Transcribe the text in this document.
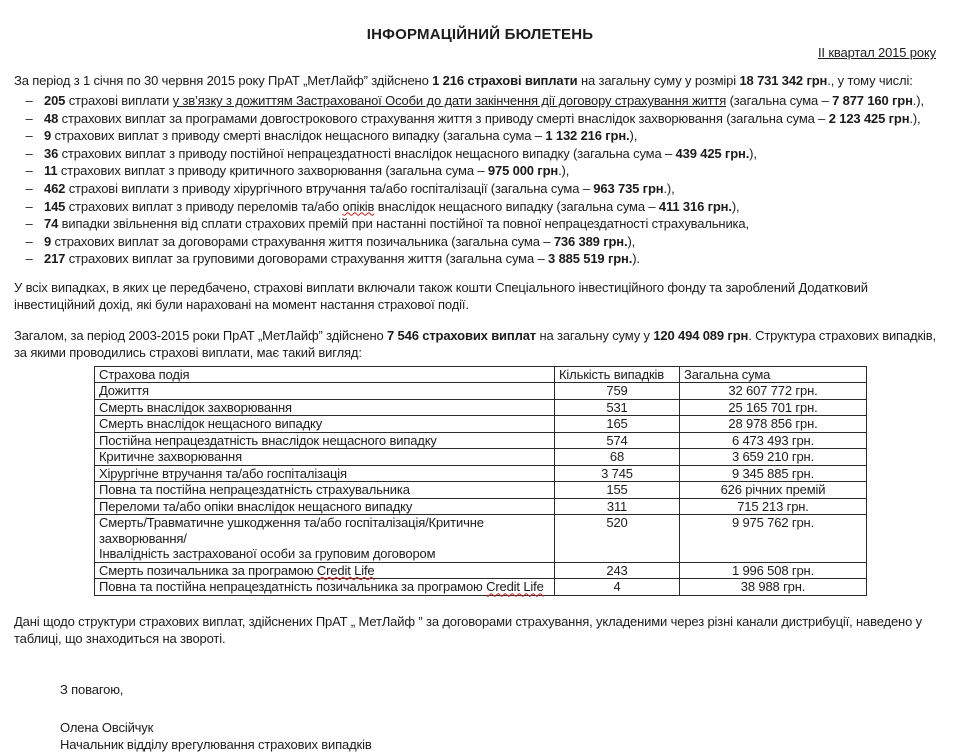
ІНФОРМАЦІЙНИЙ БЮЛЕТЕНЬ
ІІ квартал 2015 року

За період з 1 січня по 30 червня 2015 року ПрАТ „МетЛайф” здійснено 1 216 страхові виплати на загальну суму у розмірі 18 731 342 грн., у тому числі:

– 205 страхові виплати у зв’язку з дожиттям Застрахованої Особи до дати закінчення дії договору страхування життя (загальна сума – 7 877 160 грн.),
– 48 страхових виплат за програмами довгострокового страхування життя з приводу смерті внаслідок захворювання (загальна сума – 2 123 425 грн.),
– 9 страхових виплат з приводу смерті внаслідок нещасного випадку (загальна сума – 1 132 216 грн.),
– 36 страхових виплат з приводу постійної непрацездатності внаслідок нещасного випадку (загальна сума – 439 425 грн.),
– 11 страхових виплат з приводу критичного захворювання (загальна сума – 975 000 грн.),
– 462 страхові виплати з приводу хірургічного втручання та/або госпіталізації (загальна сума – 963 735 грн.),
– 145 страхових виплат з приводу переломів та/або опіків внаслідок нещасного випадку (загальна сума – 411 316 грн.),
– 74 випадки звільнення від сплати страхових премій при настанні постійної та повної непрацездатності страхувальника,
– 9 страхових виплат за договорами страхування життя позичальника (загальна сума – 736 389 грн.),
– 217 страхових виплат за груповими договорами страхування життя (загальна сума – 3 885 519 грн.).

У всіх випадках, в яких це передбачено, страхові виплати включали також кошти Спеціального інвестиційного фонду та зароблений Додатковий інвестиційний дохід, які були нараховані на момент настання страхової події.

Загалом, за період 2003-2015 роки ПрАТ „МетЛайф” здійснено 7 546 страхових виплат на загальну суму у 120 494 089 грн. Структура страхових випадків, за якими проводились страхові виплати, має такий вигляд:

Страхова подія	Кількість випадків	Загальна сума
Дожиття	759	32 607 772 грн.
Смерть внаслідок захворювання	531	25 165 701 грн.
Смерть внаслідок нещасного випадку	165	28 978 856 грн.
Постійна непрацездатність внаслідок нещасного випадку	574	6 473 493 грн.
Критичне захворювання	68	3 659 210 грн.
Хірургічне втручання та/або госпіталізація	3 745	9 345 885 грн.
Повна та постійна непрацездатність страхувальника	155	626 річних премій
Переломи та/або опіки внаслідок нещасного випадку	311	715 213 грн.
Смерть/Травматичне ушкодження та/або госпіталізація/Критичне захворювання/
Інвалідність застрахованої особи за груповим договором	520	9 975 762 грн.
Смерть позичальника за програмою Credit Life	243	1 996 508 грн.
Повна та постійна непрацездатність позичальника за програмою Credit Life	4	38 988 грн.

Дані щодо структури страхових виплат, здійснених ПрАТ „ МетЛайф ” за договорами страхування, укладеними через різні канали дистрибуції, наведено у таблиці, що знаходиться на звороті.

З повагою,

Олена Овсійчук
Начальник відділу врегулювання страхових випадків
